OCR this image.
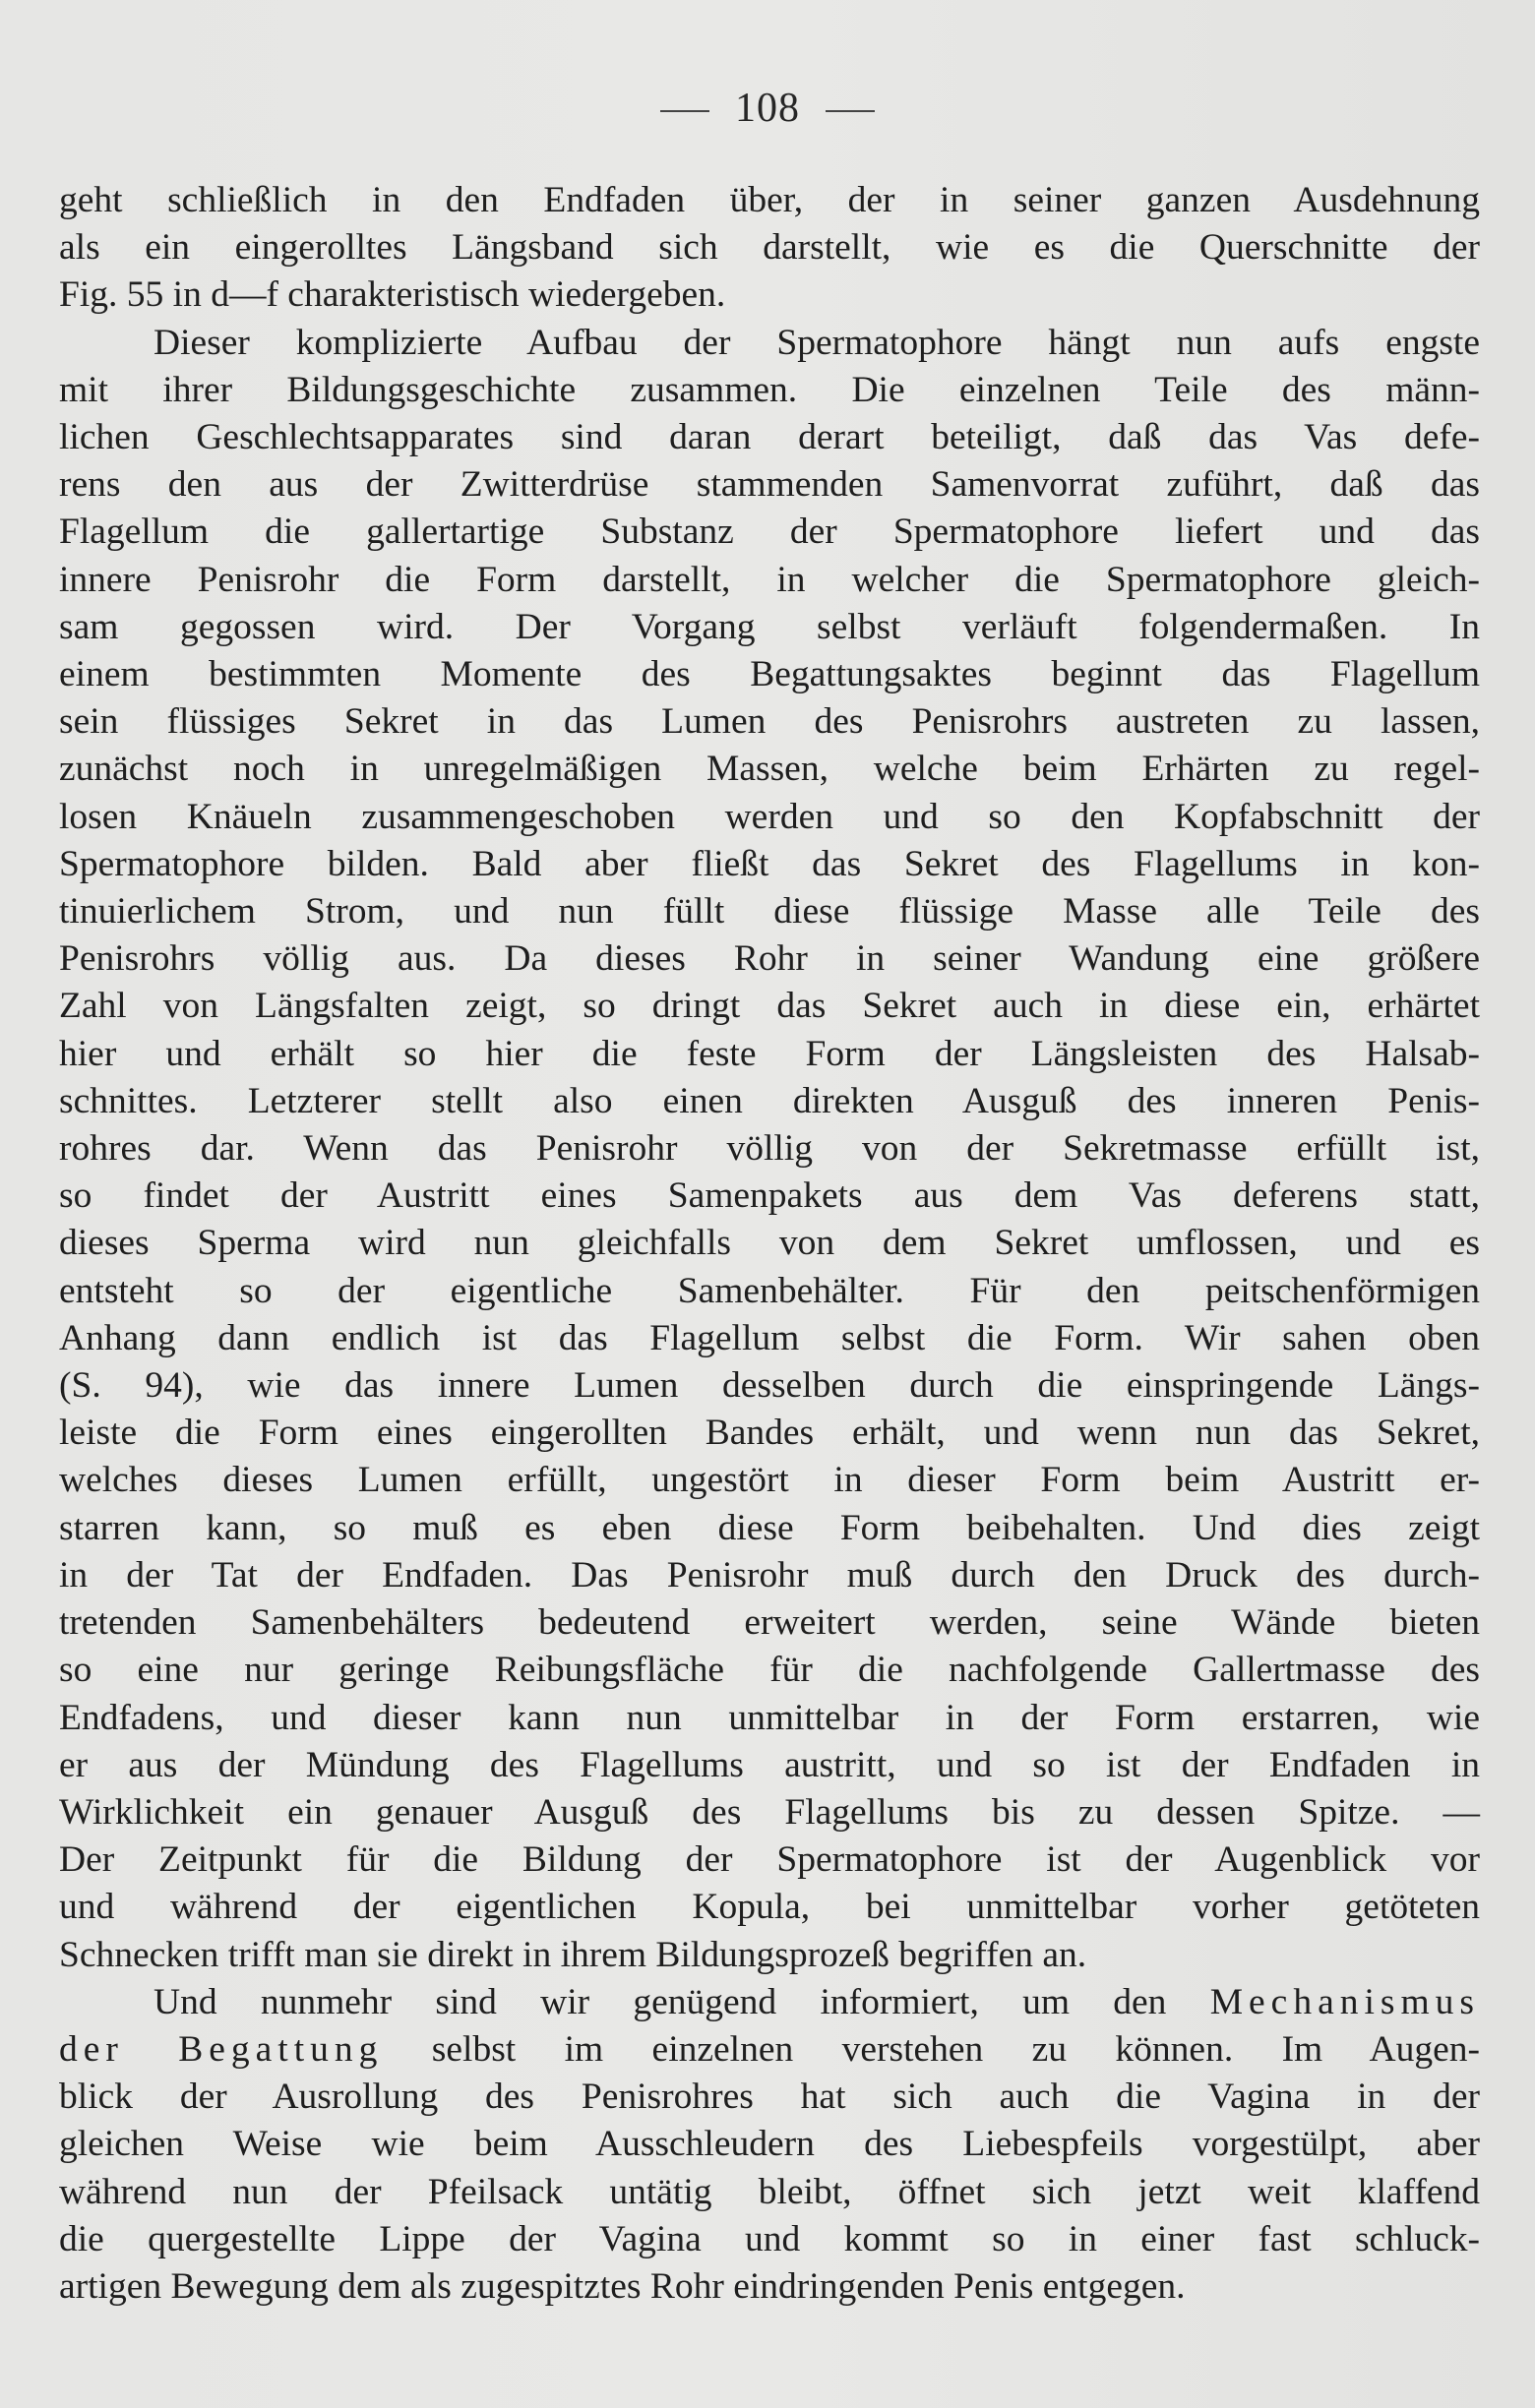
108
geht schließlich in den Endfaden über, der in seiner ganzen Ausdehnung
als ein eingerolltes Längsband sich darstellt, wie es die Querschnitte der
Fig. 55 in d—f charakteristisch wiedergeben.
Dieser komplizierte Aufbau der Spermatophore hängt nun aufs engste
mit ihrer Bildungsgeschichte zusammen. Die einzelnen Teile des männ-
lichen Geschlechtsapparates sind daran derart beteiligt, daß das Vas defe-
rens den aus der Zwitterdrüse stammenden Samenvorrat zuführt, daß das
Flagellum die gallertartige Substanz der Spermatophore liefert und das
innere Penisrohr die Form darstellt, in welcher die Spermatophore gleich-
sam gegossen wird. Der Vorgang selbst verläuft folgendermaßen. In
einem bestimmten Momente des Begattungsaktes beginnt das Flagellum
sein flüssiges Sekret in das Lumen des Penisrohrs austreten zu lassen,
zunächst noch in unregelmäßigen Massen, welche beim Erhärten zu regel-
losen Knäueln zusammengeschoben werden und so den Kopfabschnitt der
Spermatophore bilden. Bald aber fließt das Sekret des Flagellums in kon-
tinuierlichem Strom, und nun füllt diese flüssige Masse alle Teile des
Penisrohrs völlig aus. Da dieses Rohr in seiner Wandung eine größere
Zahl von Längsfalten zeigt, so dringt das Sekret auch in diese ein, erhärtet
hier und erhält so hier die feste Form der Längsleisten des Halsab-
schnittes. Letzterer stellt also einen direkten Ausguß des inneren Penis-
rohres dar. Wenn das Penisrohr völlig von der Sekretmasse erfüllt ist,
so findet der Austritt eines Samenpakets aus dem Vas deferens statt,
dieses Sperma wird nun gleichfalls von dem Sekret umflossen, und es
entsteht so der eigentliche Samenbehälter. Für den peitschenförmigen
Anhang dann endlich ist das Flagellum selbst die Form. Wir sahen oben
(S. 94), wie das innere Lumen desselben durch die einspringende Längs-
leiste die Form eines eingerollten Bandes erhält, und wenn nun das Sekret,
welches dieses Lumen erfüllt, ungestört in dieser Form beim Austritt er-
starren kann, so muß es eben diese Form beibehalten. Und dies zeigt
in der Tat der Endfaden. Das Penisrohr muß durch den Druck des durch-
tretenden Samenbehälters bedeutend erweitert werden, seine Wände bieten
so eine nur geringe Reibungsfläche für die nachfolgende Gallertmasse des
Endfadens, und dieser kann nun unmittelbar in der Form erstarren, wie
er aus der Mündung des Flagellums austritt, und so ist der Endfaden in
Wirklichkeit ein genauer Ausguß des Flagellums bis zu dessen Spitze. —
Der Zeitpunkt für die Bildung der Spermatophore ist der Augenblick vor
und während der eigentlichen Kopula, bei unmittelbar vorher getöteten
Schnecken trifft man sie direkt in ihrem Bildungsprozeß begriffen an.
Und nunmehr sind wir genügend informiert, um den Mechanismus
der Begattung selbst im einzelnen verstehen zu können. Im Augen-
blick der Ausrollung des Penisrohres hat sich auch die Vagina in der
gleichen Weise wie beim Ausschleudern des Liebespfeils vorgestülpt, aber
während nun der Pfeilsack untätig bleibt, öffnet sich jetzt weit klaffend
die quergestellte Lippe der Vagina und kommt so in einer fast schluck-
artigen Bewegung dem als zugespitztes Rohr eindringenden Penis entgegen.
